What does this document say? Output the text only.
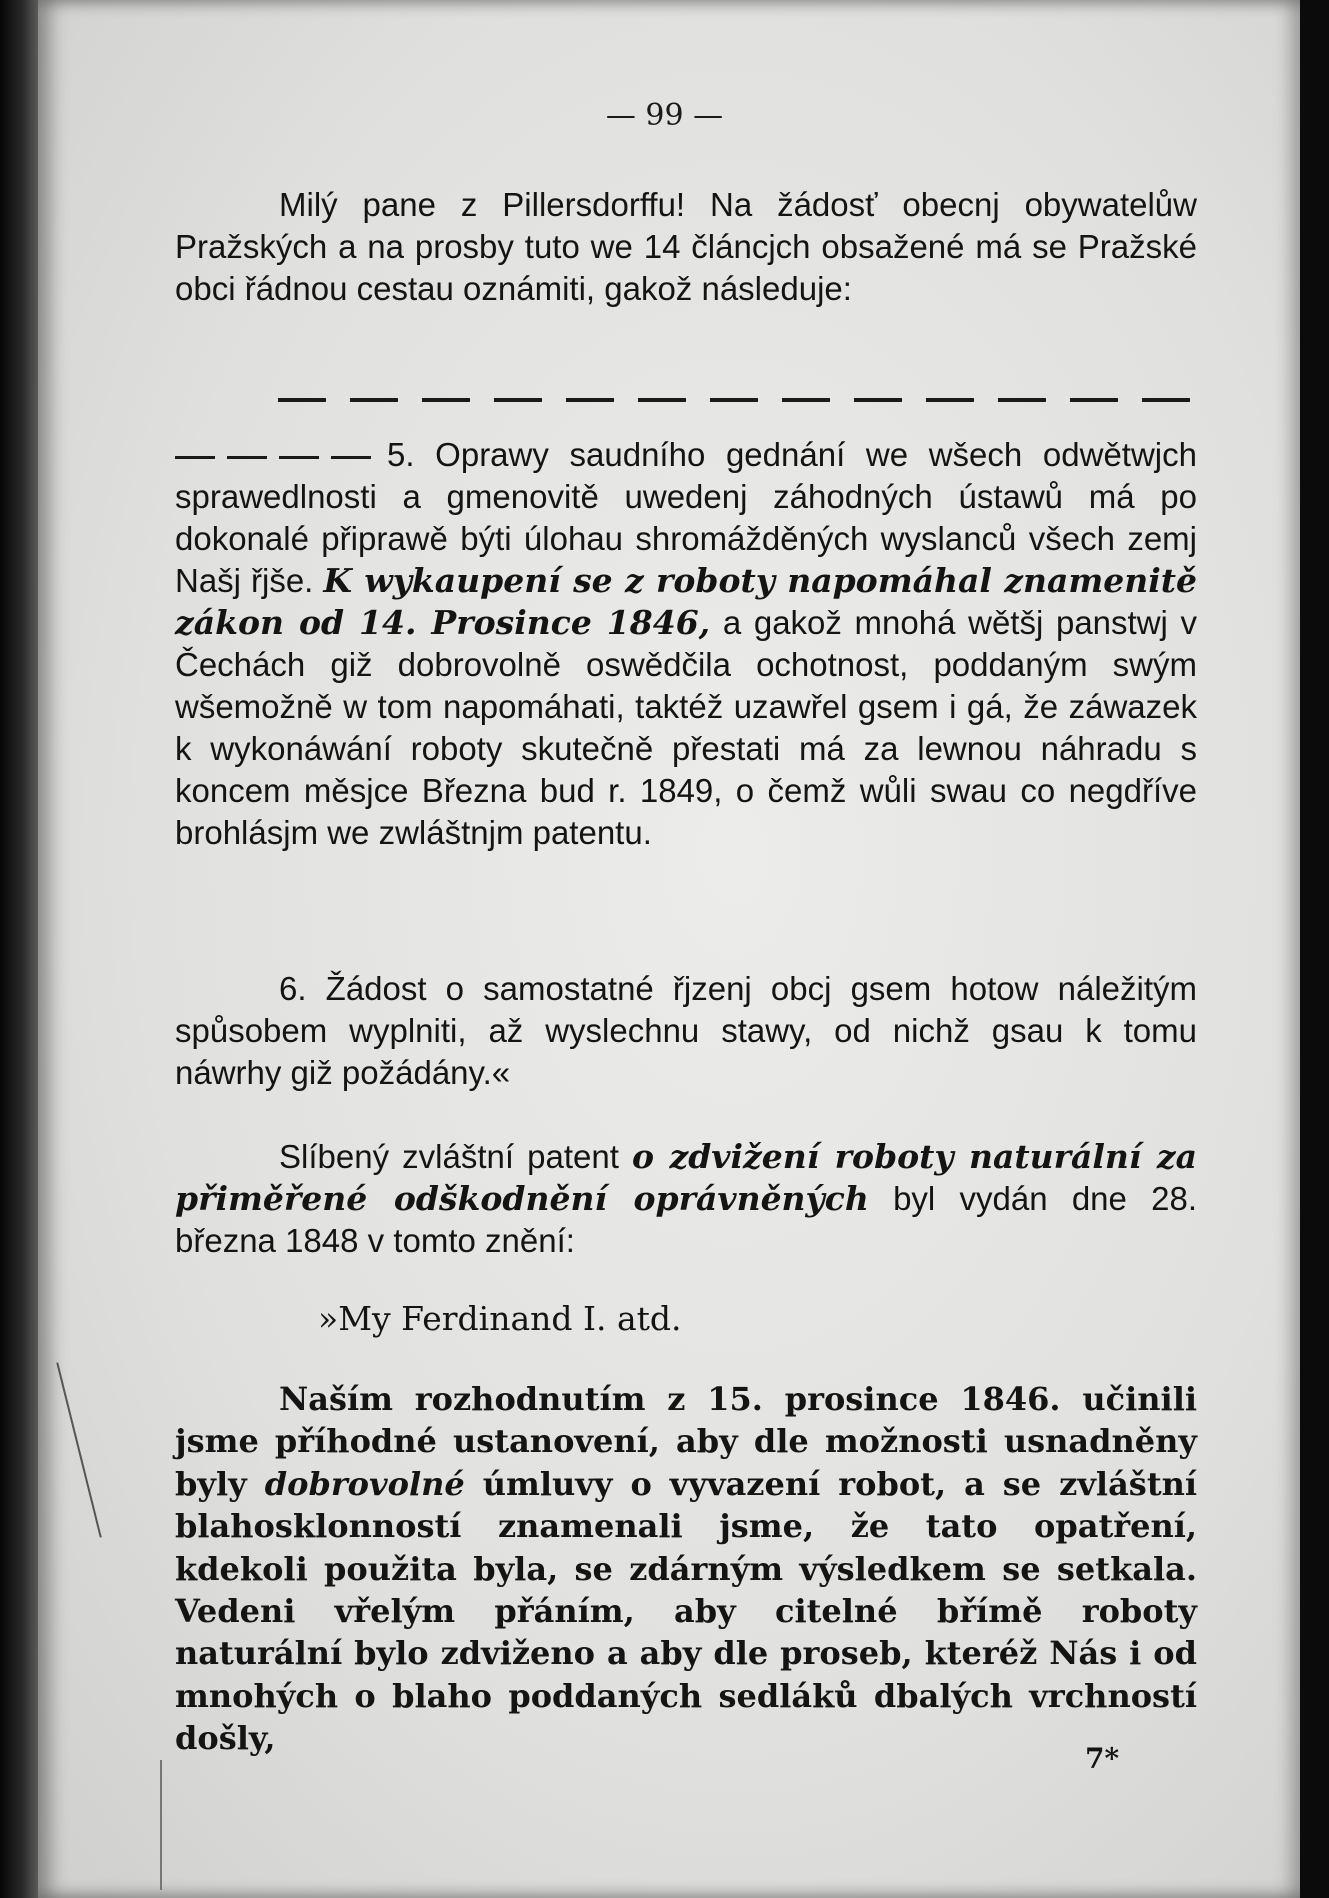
— 99 —

Milý pane z Pillersdorffu! Na žádosť obecnj obywatelůw Pražských a na prosby tuto we 14 článcjch obsažené má se Pražské obci řádnou cestau oznámiti, gakož následuje:

5. Oprawy saudního gednání we wšech odwětwjch sprawedlnosti a gmenovitě uwedenj záhodných ústawů má po dokonalé připrawě býti úlohau shromážděných wyslanců všech zemj Našj řjše. K wykaupení se z roboty napomáhal znamenitě zákon od 14. Prosince 1846, a gakož mnohá wětšj panstwj v Čechách giž dobrovolně oswědčila ochotnost, poddaným swým wšemožně w tom napomáhati, taktéž uzawřel gsem i gá, že záwazek k wykonáwání roboty skutečně přestati má za lewnou náhradu s koncem měsjce Března bud r. 1849, o čemž wůli swau co negdříve brohlásjm we zwláštnjm patentu.

6. Žádost o samostatné řjzenj obcj gsem hotow náležitým spůsobem wyplniti, až wyslechnu stawy, od nichž gsau k tomu náwrhy giž požádány.«

Slíbený zvláštní patent o zdvižení roboty naturální za přiměřené odškodnění oprávněných byl vydán dne 28. března 1848 v tomto znění:

»My Ferdinand I. atd.

Naším rozhodnutím z 15. prosince 1846. učinili jsme příhodné ustanovení, aby dle možnosti usnadněny byly dobrovolné úmluvy o vyvazení robot, a se zvláštní blahosklonností znamenali jsme, že tato opatření, kdekoli použita byla, se zdárným výsledkem se setkala. Vedeni vřelým přáním, aby citelné břímě roboty naturální bylo zdviženo a aby dle proseb, kteréž Nás i od mnohých o blaho poddaných sedláků dbalých vrchností došly,

7*
